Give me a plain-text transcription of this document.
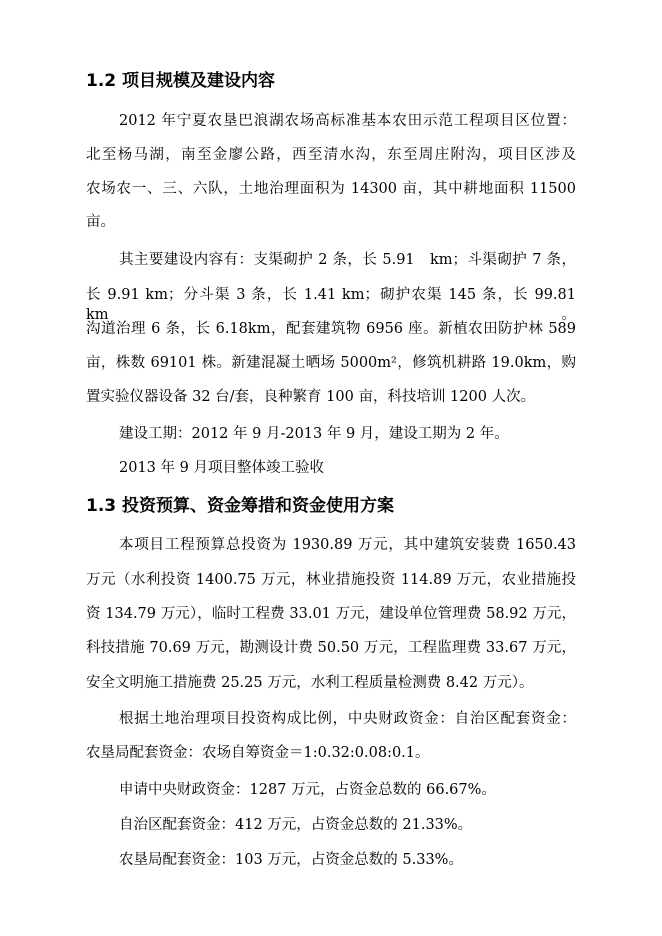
1.2 项目规模及建设内容

2012 年宁夏农垦巴浪湖农场高标准基本农田示范工程项目区位置：

北至杨马湖，南至金廖公路，西至清水沟，东至周庄附沟，项目区涉及

农场农一、三、六队，土地治理面积为 14300 亩，其中耕地面积 11500

亩。

其主要建设内容有：支渠砌护 2 条，长 5.91　km；斗渠砌护 7 条，

长 9.91 km；分斗渠 3 条，长 1.41 km；砌护农渠 145 条，长 99.81 km。

沟道治理 6 条，长 6.18km，配套建筑物 6956 座。新植农田防护林 589

亩，株数 69101 株。新建混凝土晒场 5000m²，修筑机耕路 19.0km，购

置实验仪器设备 32 台/套，良种繁育 100 亩，科技培训 1200 人次。

建设工期：2012 年 9 月-2013 年 9 月，建设工期为 2 年。

2013 年 9 月项目整体竣工验收

1.3 投资预算、资金筹措和资金使用方案

本项目工程预算总投资为 1930.89 万元，其中建筑安装费 1650.43

万元（水利投资 1400.75 万元，林业措施投资 114.89 万元，农业措施投

资 134.79 万元），临时工程费 33.01 万元，建设单位管理费 58.92 万元，

科技措施 70.69 万元，勘测设计费 50.50 万元，工程监理费 33.67 万元，

安全文明施工措施费 25.25 万元，水利工程质量检测费 8.42 万元）。

根据土地治理项目投资构成比例，中央财政资金：自治区配套资金：

农垦局配套资金：农场自筹资金＝1:0.32:0.08:0.1。

申请中央财政资金：1287 万元，占资金总数的 66.67%。

自治区配套资金：412 万元，占资金总数的 21.33%。

农垦局配套资金：103 万元，占资金总数的 5.33%。
